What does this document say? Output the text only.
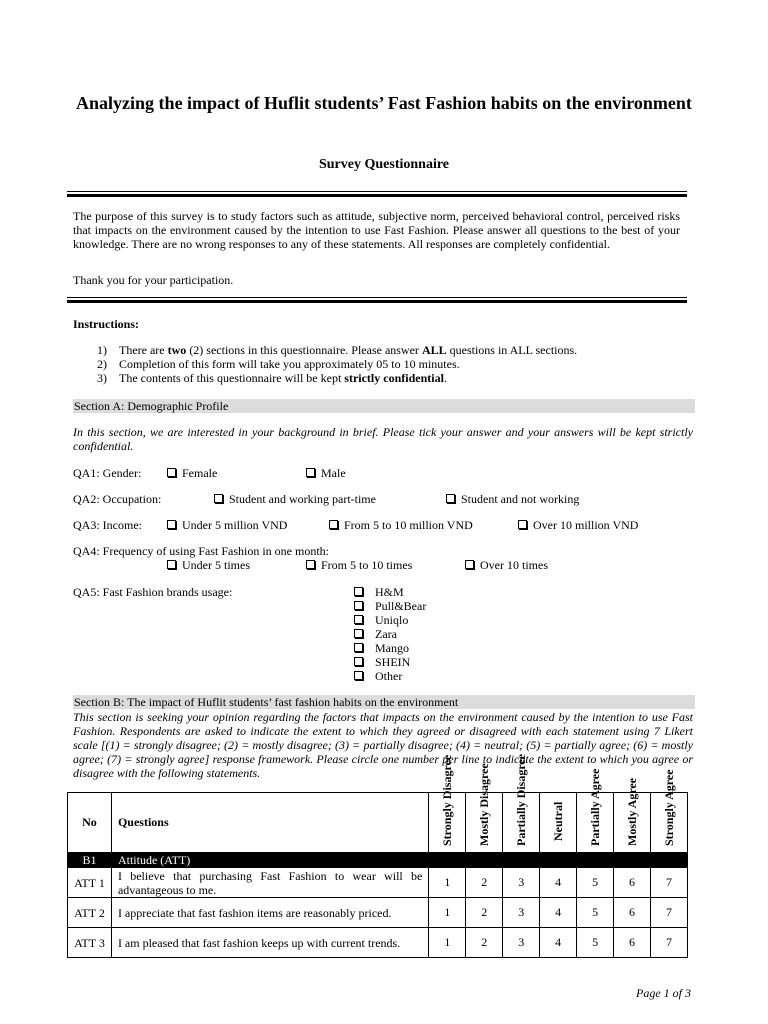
Analyzing the impact of Huflit students’ Fast Fashion habits on the environment
Survey Questionnaire
The purpose of this survey is to study factors such as attitude, subjective norm, perceived behavioral control, perceived risks that impacts on the environment caused by the intention to use Fast Fashion. Please answer all questions to the best of your knowledge. There are no wrong responses to any of these statements. All responses are completely confidential.
Thank you for your participation.
Instructions:
1) There are two (2) sections in this questionnaire. Please answer ALL questions in ALL sections.
2) Completion of this form will take you approximately 05 to 10 minutes.
3) The contents of this questionnaire will be kept strictly confidential.
Section A: Demographic Profile
In this section, we are interested in your background in brief. Please tick your answer and your answers will be kept strictly confidential.
QA1: Gender:	Female	Male
QA2: Occupation:	Student and working part-time	Student and not working
QA3: Income:	Under 5 million VND	From 5 to 10 million VND	Over 10 million VND
QA4: Frequency of using Fast Fashion in one month:
Under 5 times	From 5 to 10 times	Over 10 times
QA5: Fast Fashion brands usage:	H&M
Pull&Bear
Uniqlo
Zara
Mango
SHEIN
Other
Section B: The impact of Huflit students’ fast fashion habits on the environment
This section is seeking your opinion regarding the factors that impacts on the environment caused by the intention to use Fast Fashion. Respondents are asked to indicate the extent to which they agreed or disagreed with each statement using 7 Likert scale [(1) = strongly disagree; (2) = mostly disagree; (3) = partially disagree; (4) = neutral; (5) = partially agree; (6) = mostly agree; (7) = strongly agree] response framework. Please circle one number per line to indicate the extent to which you agree or disagree with the following statements.
No	Questions	Strongly Disagree	Mostly Disagree	Partially Disagree	Neutral	Partially Agree	Mostly Agree	Strongly Agree
B1	Attitude (ATT)							
ATT 1	I believe that purchasing Fast Fashion to wear will be advantageous to me.	1	2	3	4	5	6	7
ATT 2	I appreciate that fast fashion items are reasonably priced.	1	2	3	4	5	6	7
ATT 3	I am pleased that fast fashion keeps up with current trends.	1	2	3	4	5	6	7
Page 1 of 3
